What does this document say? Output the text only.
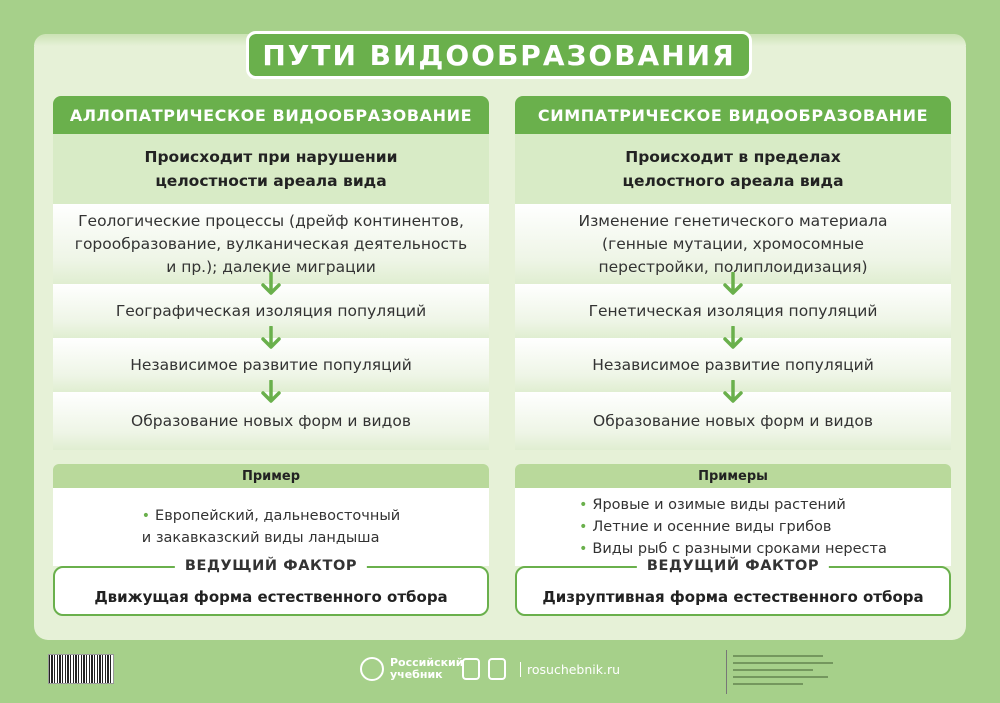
ПУТИ ВИДООБРАЗОВАНИЯ
АЛЛОПАТРИЧЕСКОЕ ВИДООБРАЗОВАНИЕ
Происходит при нарушении
целостности ареала вида
Геологические процессы (дрейф континентов,
горообразование, вулканическая деятельность
и пр.); далекие миграции
Географическая изоляция популяций
Независимое развитие популяций
Образование новых форм и видов
Пример
• Европейский, дальневосточный
и закавказский виды ландыша
ВЕДУЩИЙ ФАКТОР
Движущая форма естественного отбора
СИМПАТРИЧЕСКОЕ ВИДООБРАЗОВАНИЕ
Происходит в пределах
целостного ареала вида
Изменение генетического материала
(генные мутации, хромосомные
перестройки, полиплоидизация)
Генетическая изоляция популяций
Независимое развитие популяций
Образование новых форм и видов
Примеры
• Яровые и озимые виды растений
• Летние и осенние виды грибов
• Виды рыб с разными сроками нереста
ВЕДУЩИЙ ФАКТОР
Дизруптивная форма естественного отбора
Российский
учебник	rosuchebnik.ru
